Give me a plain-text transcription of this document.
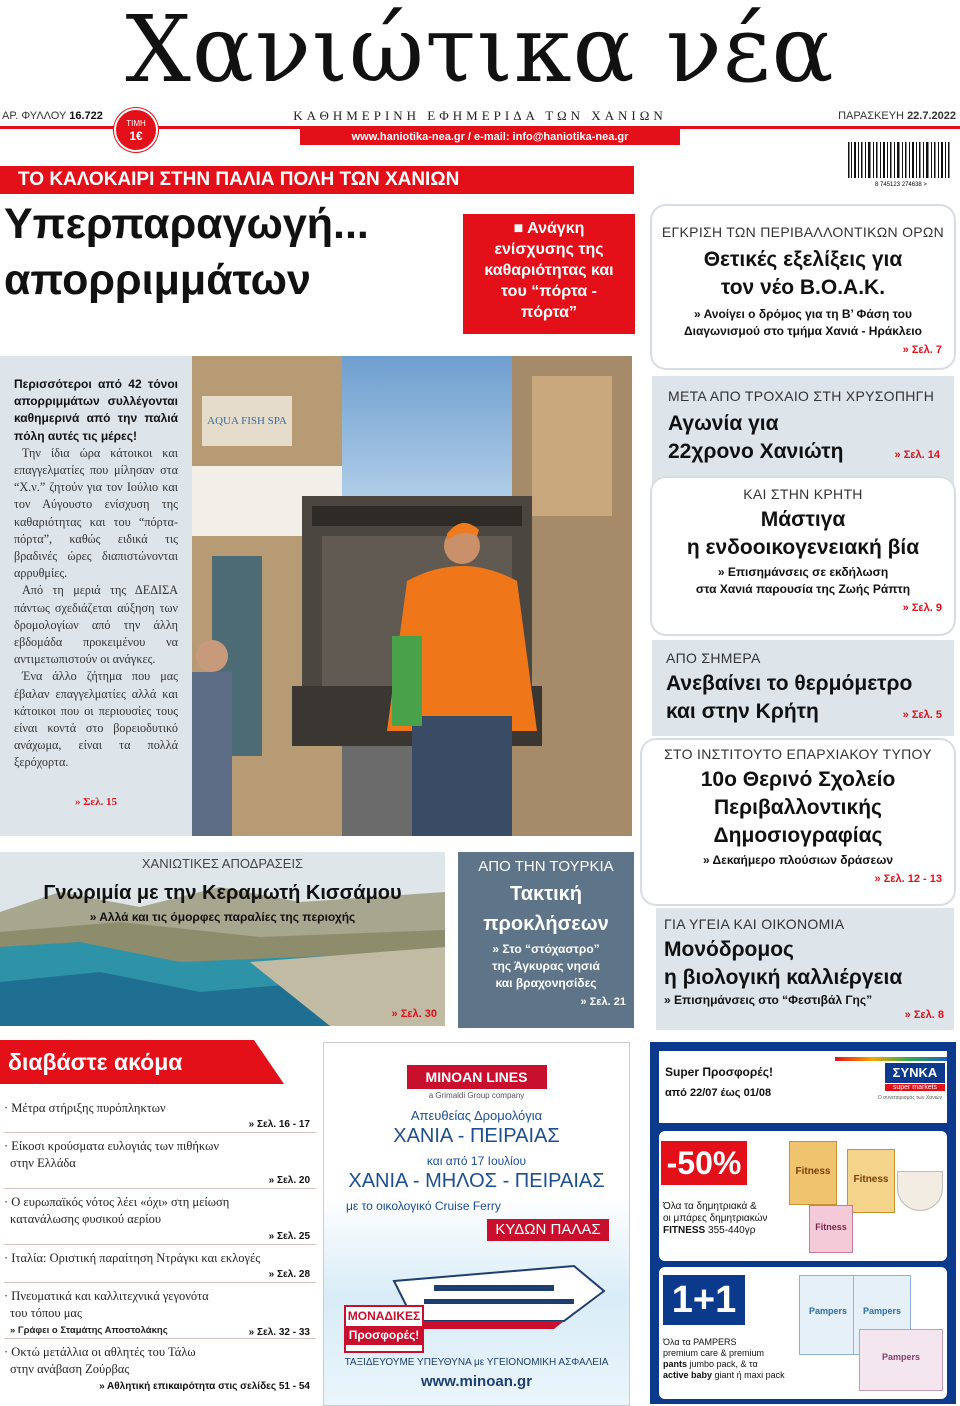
Χανιώτικα νέα
ΑΡ. ΦΥΛΛΟΥ 16.722	ΚΑΘΗΜΕΡΙΝΗ ΕΦΗΜΕΡΙΔΑ ΤΩΝ ΧΑΝΙΩΝ	ΠΑΡΑΣΚΕΥΗ 22.7.2022
ΤΙΜΗ
1€	www.haniotika-nea.gr / e-mail: info@haniotika-nea.gr
8 745123 274638 >
ΤΟ ΚΑΛΟΚΑΙΡΙ ΣΤΗΝ ΠΑΛΙΑ ΠΟΛΗ ΤΩΝ ΧΑΝΙΩΝ
Υπερπαραγωγή...
απορριμμάτων
■ Ανάγκη ενίσχυσης της καθαριότητας και του “πόρτα - πόρτα”

Περισσότεροι από 42 τόνοι απορριμμάτων συλλέγονται καθημερινά από την παλιά πόλη αυτές τις μέρες!

Την ίδια ώρα κάτοικοι και επαγγελματίες που μίλησαν στα “Χ.ν.” ζητούν για τον Ιούλιο και τον Αύγουστο ενίσχυση της καθαριότητας και του “πόρτα-πόρτα”, καθώς ειδικά τις βραδινές ώρες διαπιστώνονται αρρυθμίες.

Από τη μεριά της ΔΕΔΙΣΑ πάντως σχεδιάζεται αύξηση των δρομολογίων από την άλλη εβδομάδα προκειμένου να αντιμετωπιστούν οι ανάγκες.

Ένα άλλο ζήτημα που μας έβαλαν επαγγελματίες αλλά και κάτοικοι που οι περιουσίες τους είναι κοντά στο βορειοδυτικό ανάχωμα, είναι τα πολλά ξερόχορτα.

» Σελ. 15
AQUA FISH SPA
ΕΓΚΡΙΣΗ ΤΩΝ ΠΕΡΙΒΑΛΛΟΝΤΙΚΩΝ ΟΡΩΝ
Θετικές εξελίξεις για
τον νέο Β.Ο.Α.Κ.
» Ανοίγει ο δρόμος για τη Β’ Φάση του
Διαγωνισμού στο τμήμα Χανιά - Ηράκλειο
» Σελ. 7
ΜΕΤΑ ΑΠΟ ΤΡΟΧΑΙΟ ΣΤΗ ΧΡΥΣΟΠΗΓΗ
Αγωνία για
22χρονο Χανιώτη	» Σελ. 14
ΚΑΙ ΣΤΗΝ ΚΡΗΤΗ
Μάστιγα
η ενδοοικογενειακή βία
» Επισημάνσεις σε εκδήλωση
στα Χανιά παρουσία της Ζωής Ράπτη
» Σελ. 9
ΑΠΟ ΣΗΜΕΡΑ
Ανεβαίνει το θερμόμετρο
και στην Κρήτη	» Σελ. 5
ΣΤΟ ΙΝΣΤΙΤΟΥΤΟ ΕΠΑΡΧΙΑΚΟΥ ΤΥΠΟΥ
10ο Θερινό Σχολείο
Περιβαλλοντικής
Δημοσιογραφίας
» Δεκαήμερο πλούσιων δράσεων
» Σελ. 12 - 13
ΓΙΑ ΥΓΕΙΑ ΚΑΙ ΟΙΚΟΝΟΜΙΑ
Μονόδρομος
η βιολογική καλλιέργεια
» Επισημάνσεις στο “Φεστιβάλ Γης”
» Σελ. 8
ΧΑΝΙΩΤΙΚΕΣ ΑΠΟΔΡΑΣΕΙΣ
Γνωριμία με την Κεραμωτή Κισσάμου
» Αλλά και τις όμορφες παραλίες της περιοχής
» Σελ. 30
ΑΠΟ ΤΗΝ ΤΟΥΡΚΙΑ
Τακτική
προκλήσεων
» Στο “στόχαστρο”
της Άγκυρας νησιά
και βραχονησίδες
» Σελ. 21
διαβάστε ακόμα
· Μέτρα στήριξης πυρόπληκτων
» Σελ. 16 - 17
· Είκοσι κρούσματα ευλογιάς των πιθήκων
στην Ελλάδα
» Σελ. 20
· Ο ευρωπαϊκός νότος λέει «όχι» στη μείωση
κατανάλωσης φυσικού αερίου
» Σελ. 25
· Ιταλία: Οριστική παραίτηση Ντράγκι και εκλογές
» Σελ. 28
· Πνευματικά και καλλιτεχνικά γεγονότα
του τόπου μας
» Γράφει ο Σταμάτης Αποστολάκης	» Σελ. 32 - 33
· Οκτώ μετάλλια οι αθλητές του Τάλω
στην ανάβαση Ζούρβας
» Αθλητική επικαιρότητα στις σελίδες 51 - 54
MINOAN LINES
a Grimaldi Group company
Απευθείας Δρομολόγια
ΧΑΝΙΑ - ΠΕΙΡΑΙΑΣ
και από 17 Ιουλίου
ΧΑΝΙΑ - ΜΗΛΟΣ - ΠΕΙΡΑΙΑΣ
με το οικολογικό Cruise Ferry
ΚΥΔΩΝ ΠΑΛΑΣ
ΜΟΝΑΔΙΚΕΣ
Προσφορές!
ΤΑΞΙΔΕΥΟΥΜΕ ΥΠΕΥΘΥΝΑ με ΥΓΕΙΟΝΟΜΙΚΗ ΑΣΦΑΛΕΙΑ
www.minoan.gr
Super Προσφορές!
από 22/07 έως 01/08
ΣΥΝΚΑ
super markets
Ο συνεταιρισμός των Χανιών
-50%
Όλα τα δημητριακά &
οι μπάρες δημητριακών
FITNESS 355-440γρ
Fitness
Fitness
Fitness
1+1
Όλα τα PAMPERS
premium care & premium
pants jumbo pack, & τα
active baby giant ή maxi pack
Pampers	Pampers
Pampers
